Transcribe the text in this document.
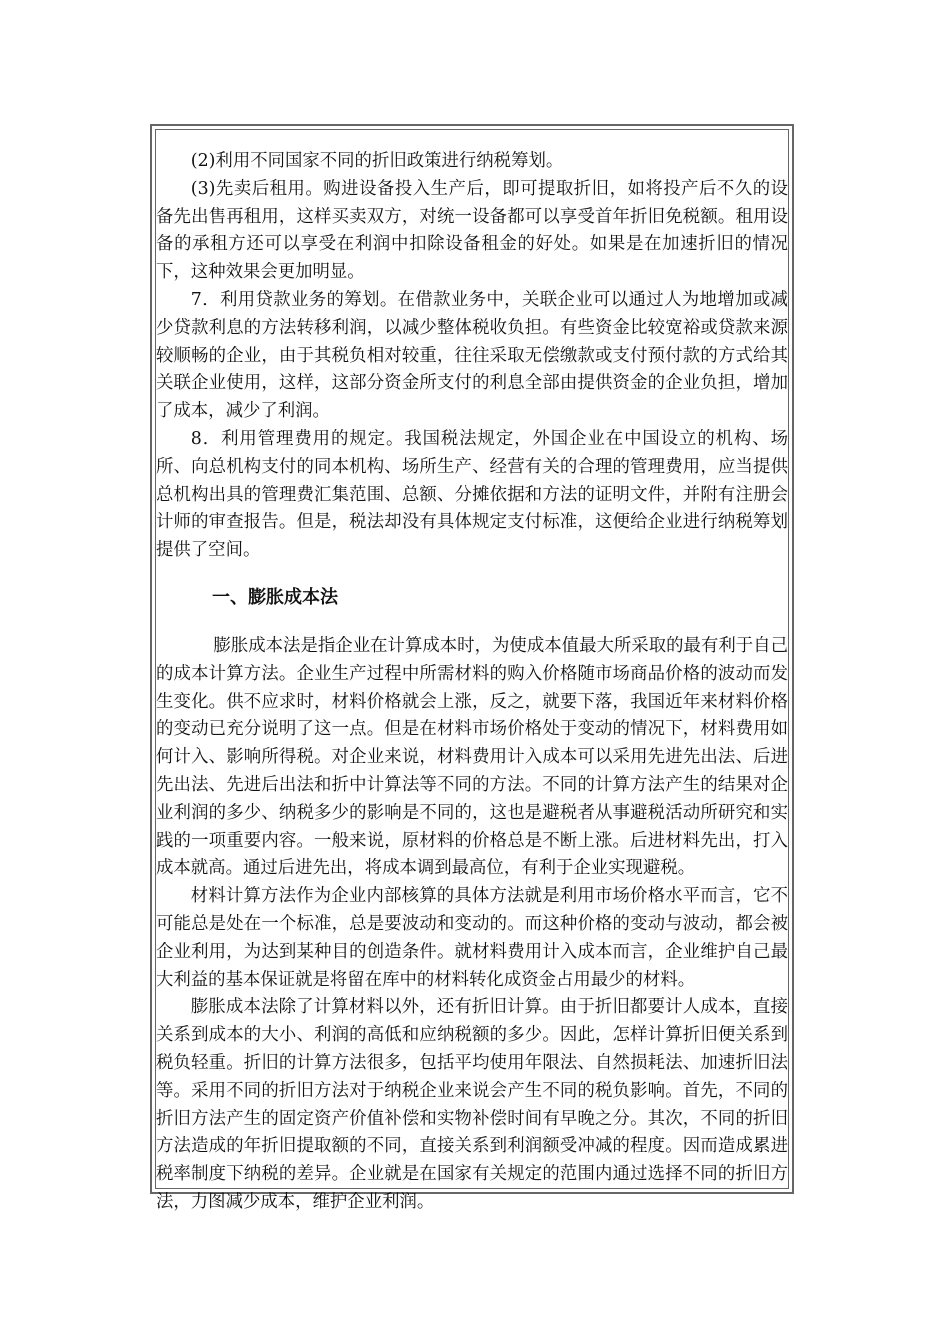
(2)利用不同国家不同的折旧政策进行纳税筹划。

(3)先卖后租用。购进设备投入生产后，即可提取折旧，如将投产后不久的设备先出售再租用，这样买卖双方，对统一设备都可以享受首年折旧免税额。租用设备的承租方还可以享受在利润中扣除设备租金的好处。如果是在加速折旧的情况下，这种效果会更加明显。

7．利用贷款业务的筹划。在借款业务中，关联企业可以通过人为地增加或减少贷款利息的方法转移利润，以减少整体税收负担。有些资金比较宽裕或贷款来源较顺畅的企业，由于其税负相对较重，往往采取无偿缴款或支付预付款的方式给其关联企业使用，这样，这部分资金所支付的利息全部由提供资金的企业负担，增加了成本，减少了利润。

8．利用管理费用的规定。我国税法规定，外国企业在中国设立的机构、场所、向总机构支付的同本机构、场所生产、经营有关的合理的管理费用，应当提供总机构出具的管理费汇集范围、总额、分摊依据和方法的证明文件，并附有注册会计师的审查报告。但是，税法却没有具体规定支付标准，这便给企业进行纳税筹划提供了空间。

一、膨胀成本法

膨胀成本法是指企业在计算成本时，为使成本值最大所采取的最有利于自己的成本计算方法。企业生产过程中所需材料的购入价格随市场商品价格的波动而发生变化。供不应求时，材料价格就会上涨，反之，就要下落，我国近年来材料价格的变动已充分说明了这一点。但是在材料市场价格处于变动的情况下，材料费用如何计入、影响所得税。对企业来说，材料费用计入成本可以采用先进先出法、后进先出法、先进后出法和折中计算法等不同的方法。不同的计算方法产生的结果对企业利润的多少、纳税多少的影响是不同的，这也是避税者从事避税活动所研究和实践的一项重要内容。一般来说，原材料的价格总是不断上涨。后进材料先出，打入成本就高。通过后进先出，将成本调到最高位，有利于企业实现避税。

材料计算方法作为企业内部核算的具体方法就是利用市场价格水平而言，它不可能总是处在一个标准，总是要波动和变动的。而这种价格的变动与波动，都会被企业利用，为达到某种目的创造条件。就材料费用计入成本而言，企业维护自己最大利益的基本保证就是将留在库中的材料转化成资金占用最少的材料。

膨胀成本法除了计算材料以外，还有折旧计算。由于折旧都要计人成本，直接关系到成本的大小、利润的高低和应纳税额的多少。因此，怎样计算折旧便关系到税负轻重。折旧的计算方法很多，包括平均使用年限法、自然损耗法、加速折旧法等。采用不同的折旧方法对于纳税企业来说会产生不同的税负影响。首先，不同的折旧方法产生的固定资产价值补偿和实物补偿时间有早晚之分。其次，不同的折旧方法造成的年折旧提取额的不同，直接关系到利润额受冲减的程度。因而造成累进税率制度下纳税的差异。企业就是在国家有关规定的范围内通过选择不同的折旧方法，力图减少成本，维护企业利润。
